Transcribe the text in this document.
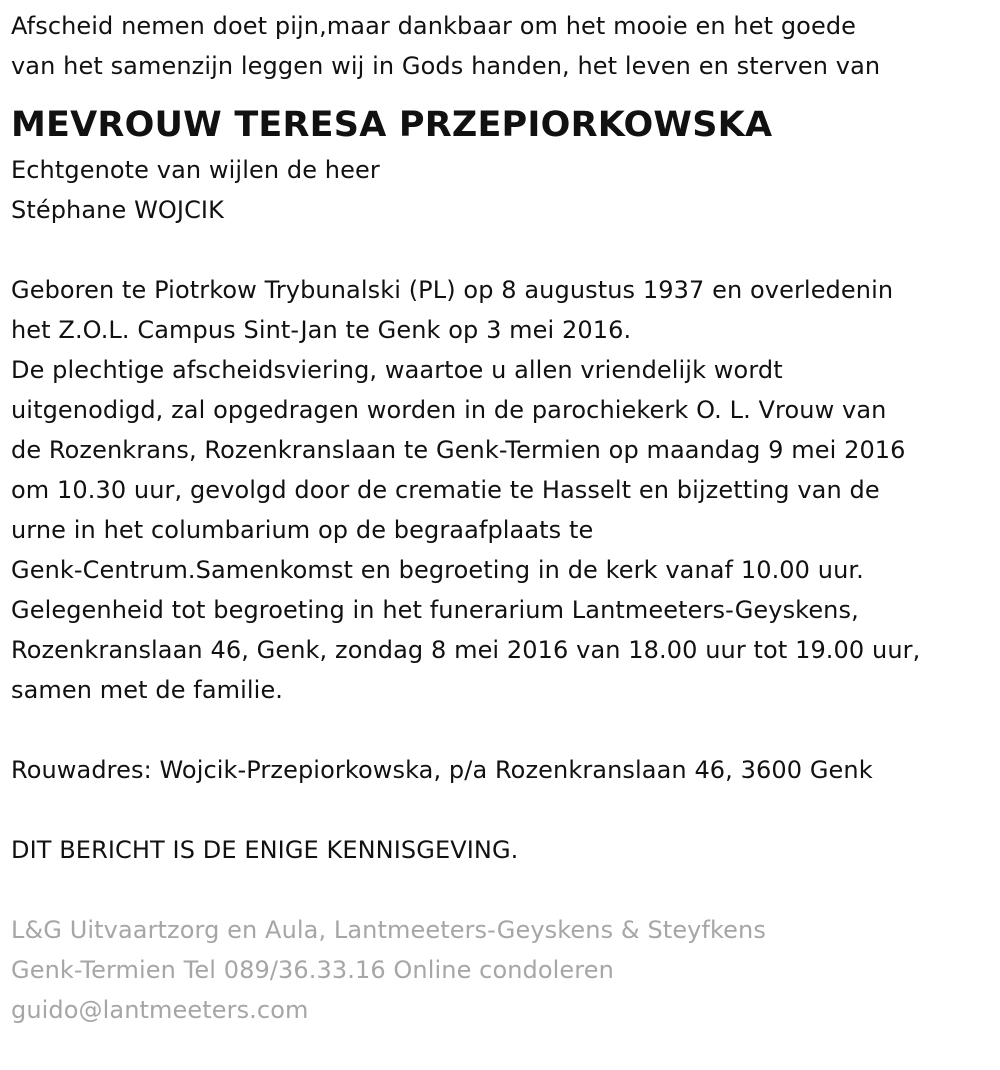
Afscheid nemen doet pijn,maar dankbaar om het mooie en het goede
van het samenzijn leggen wij in Gods handen, het leven en sterven van
MEVROUW TERESA PRZEPIORKOWSKA
Echtgenote van wijlen de heer
Stéphane WOJCIK
Geboren te Piotrkow Trybunalski (PL) op 8 augustus 1937 en overledenin
het Z.O.L. Campus Sint-Jan te Genk op 3 mei 2016.
De plechtige afscheidsviering, waartoe u allen vriendelijk wordt
uitgenodigd, zal opgedragen worden in de parochiekerk O. L. Vrouw van
de Rozenkrans, Rozenkranslaan te Genk-Termien op maandag 9 mei 2016
om 10.30 uur, gevolgd door de crematie te Hasselt en bijzetting van de
urne in het columbarium op de begraafplaats te
Genk-Centrum.Samenkomst en begroeting in de kerk vanaf 10.00 uur.
Gelegenheid tot begroeting in het funerarium Lantmeeters-Geyskens,
Rozenkranslaan 46, Genk, zondag 8 mei 2016 van 18.00 uur tot 19.00 uur,
samen met de familie.
Rouwadres: Wojcik-Przepiorkowska, p/a Rozenkranslaan 46, 3600 Genk
DIT BERICHT IS DE ENIGE KENNISGEVING.
L&G Uitvaartzorg en Aula, Lantmeeters-Geyskens & Steyfkens
Genk-Termien Tel 089/36.33.16 Online condoleren
guido@lantmeeters.com
